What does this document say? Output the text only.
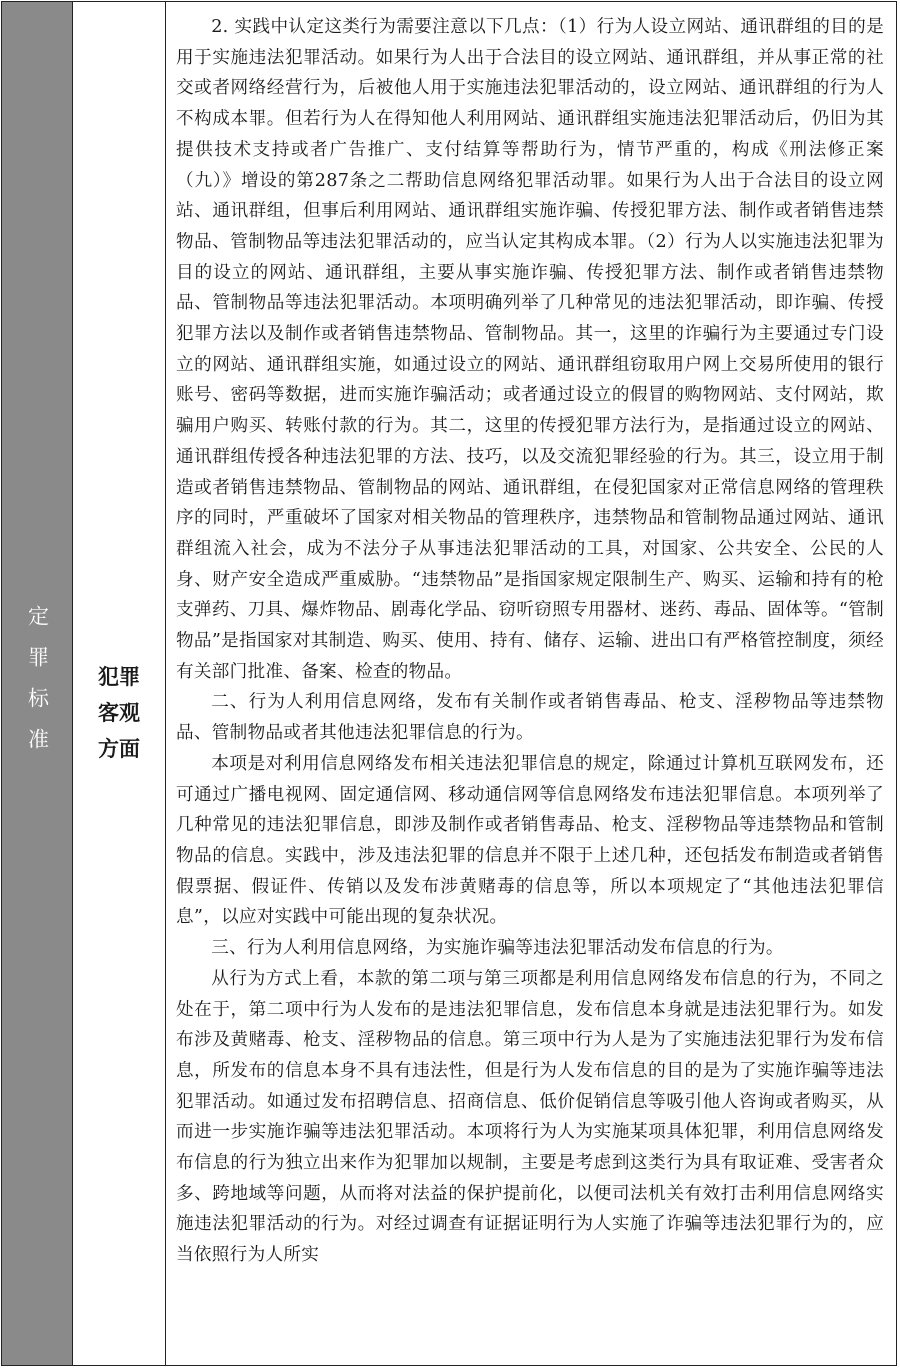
定罪标准 犯罪客观方面

2. 实践中认定这类行为需要注意以下几点：（1）行为人设立网站、通讯群组的目的是用于实施违法犯罪活动。如果行为人出于合法目的设立网站、通讯群组，并从事正常的社交或者网络经营行为，后被他人用于实施违法犯罪活动的，设立网站、通讯群组的行为人不构成本罪。但若行为人在得知他人利用网站、通讯群组实施违法犯罪活动后，仍旧为其提供技术支持或者广告推广、支付结算等帮助行为，情节严重的，构成《刑法修正案（九）》增设的第287条之二帮助信息网络犯罪活动罪。如果行为人出于合法目的设立网站、通讯群组，但事后利用网站、通讯群组实施诈骗、传授犯罪方法、制作或者销售违禁物品、管制物品等违法犯罪活动的，应当认定其构成本罪。（2）行为人以实施违法犯罪为目的设立的网站、通讯群组，主要从事实施诈骗、传授犯罪方法、制作或者销售违禁物品、管制物品等违法犯罪活动。本项明确列举了几种常见的违法犯罪活动，即诈骗、传授犯罪方法以及制作或者销售违禁物品、管制物品。其一，这里的诈骗行为主要通过专门设立的网站、通讯群组实施，如通过设立的网站、通讯群组窃取用户网上交易所使用的银行账号、密码等数据，进而实施诈骗活动；或者通过设立的假冒的购物网站、支付网站，欺骗用户购买、转账付款的行为。其二，这里的传授犯罪方法行为，是指通过设立的网站、通讯群组传授各种违法犯罪的方法、技巧，以及交流犯罪经验的行为。其三，设立用于制造或者销售违禁物品、管制物品的网站、通讯群组，在侵犯国家对正常信息网络的管理秩序的同时，严重破坏了国家对相关物品的管理秩序，违禁物品和管制物品通过网站、通讯群组流入社会，成为不法分子从事违法犯罪活动的工具，对国家、公共安全、公民的人身、财产安全造成严重威胁。“违禁物品”是指国家规定限制生产、购买、运输和持有的枪支弹药、刀具、爆炸物品、剧毒化学品、窃听窃照专用器材、迷药、毒品、固体等。“管制物品”是指国家对其制造、购买、使用、持有、储存、运输、进出口有严格管控制度，须经有关部门批准、备案、检查的物品。

二、行为人利用信息网络，发布有关制作或者销售毒品、枪支、淫秽物品等违禁物品、管制物品或者其他违法犯罪信息的行为。

本项是对利用信息网络发布相关违法犯罪信息的规定，除通过计算机互联网发布，还可通过广播电视网、固定通信网、移动通信网等信息网络发布违法犯罪信息。本项列举了几种常见的违法犯罪信息，即涉及制作或者销售毒品、枪支、淫秽物品等违禁物品和管制物品的信息。实践中，涉及违法犯罪的信息并不限于上述几种，还包括发布制造或者销售假票据、假证件、传销以及发布涉黄赌毒的信息等，所以本项规定了“其他违法犯罪信息”，以应对实践中可能出现的复杂状况。

三、行为人利用信息网络，为实施诈骗等违法犯罪活动发布信息的行为。

从行为方式上看，本款的第二项与第三项都是利用信息网络发布信息的行为，不同之处在于，第二项中行为人发布的是违法犯罪信息，发布信息本身就是违法犯罪行为。如发布涉及黄赌毒、枪支、淫秽物品的信息。第三项中行为人是为了实施违法犯罪行为发布信息，所发布的信息本身不具有违法性，但是行为人发布信息的目的是为了实施诈骗等违法犯罪活动。如通过发布招聘信息、招商信息、低价促销信息等吸引他人咨询或者购买，从而进一步实施诈骗等违法犯罪活动。本项将行为人为实施某项具体犯罪，利用信息网络发布信息的行为独立出来作为犯罪加以规制，主要是考虑到这类行为具有取证难、受害者众多、跨地域等问题，从而将对法益的保护提前化，以便司法机关有效打击利用信息网络实施违法犯罪活动的行为。对经过调查有证据证明行为人实施了诈骗等违法犯罪行为的，应当依照行为人所实
